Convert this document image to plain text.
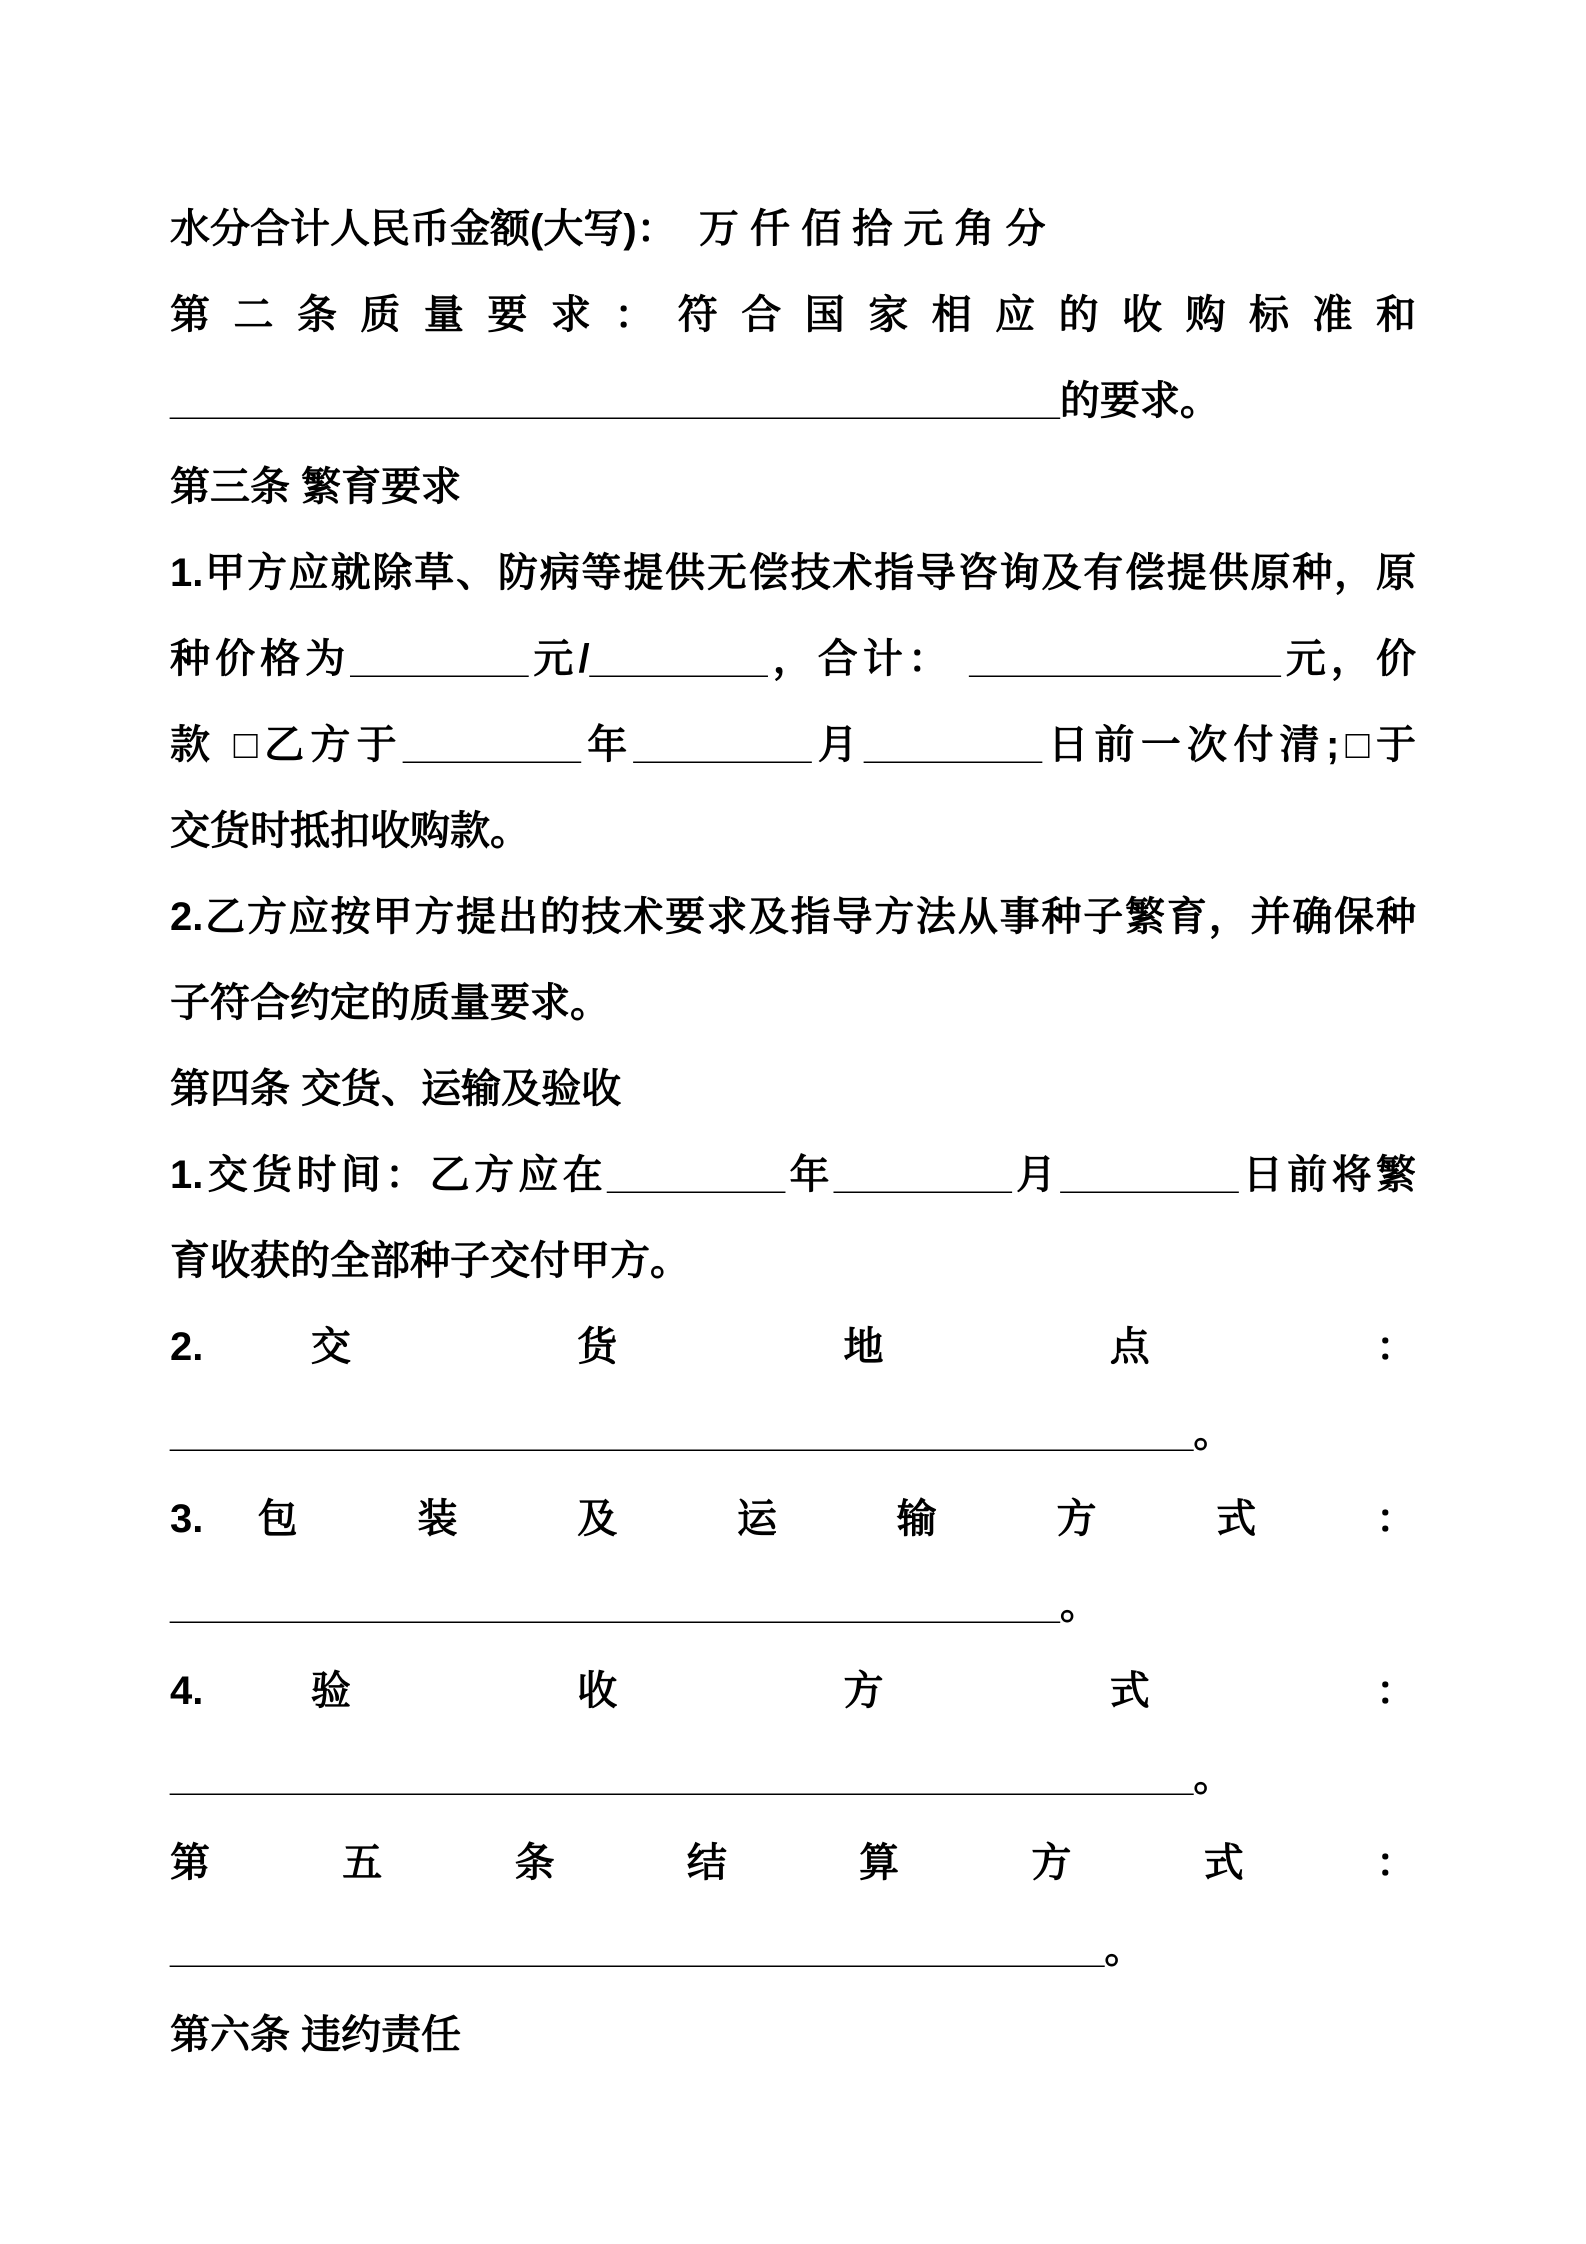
水分合计人民币金额(大写)：  万 仟 佰 拾 元 角 分
第 二 条 质 量 要 求 ： 符 合 国 家 相 应 的 收 购 标 准 和
________________________________________的要求。
第三条 繁育要求
1.甲方应就除草、防病等提供无偿技术指导咨询及有偿提供原种，原
种价格为________元/________，合计： ______________元，价
款 □乙方于________年________月________日前一次付清;□于
交货时抵扣收购款。
2.乙方应按甲方提出的技术要求及指导方法从事种子繁育，并确保种
子符合约定的质量要求。
第四条 交货、运输及验收
1.交货时间：乙方应在________年________月________日前将繁
育收获的全部种子交付甲方。
2.交 货 地 点 ：
______________________________________________。
3.包 装 及 运 输 方 式 ：
________________________________________。
4.验 收 方 式 ：
______________________________________________。
第 五 条 结 算 方 式 ：
__________________________________________。
第六条 违约责任
